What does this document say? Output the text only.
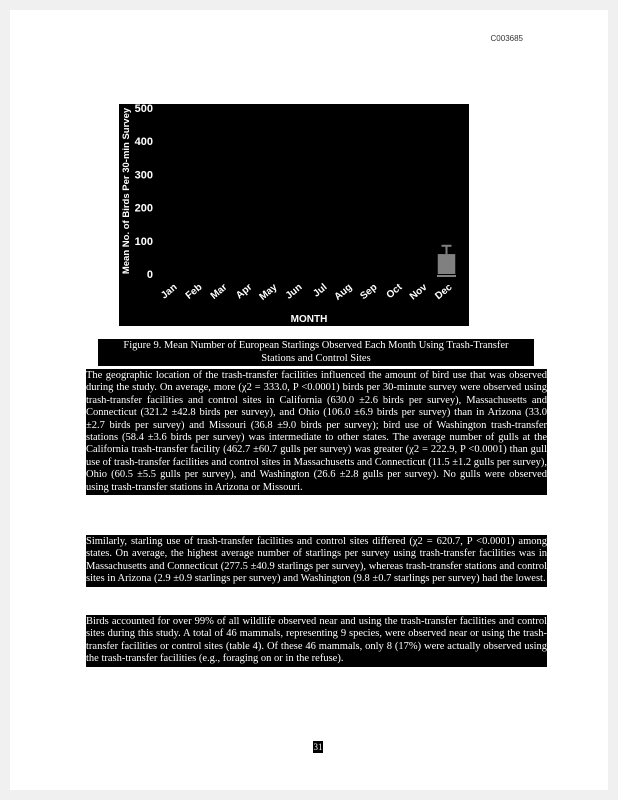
C003685
0
100
200
300
400
500
Mean No. of Birds Per 30-min Survey
Jan Feb Mar Apr May Jun Jul Aug Sep Oct Nov Dec
MONTH
Figure 9. Mean Number of European Starlings Observed Each Month Using Trash-Transfer
Stations and Control Sites
The geographic location of the trash-transfer facilities influenced the amount of bird use that was observed during the study. On average, more (χ2 = 333.0, P <0.0001) birds per 30-minute survey were observed using trash-transfer facilities and control sites in California (630.0 ±2.6 birds per survey), Massachusetts and Connecticut (321.2 ±42.8 birds per survey), and Ohio (106.0 ±6.9 birds per survey) than in Arizona (33.0 ±2.7 birds per survey) and Missouri (36.8 ±9.0 birds per survey); bird use of Washington trash-transfer stations (58.4 ±3.6 birds per survey) was intermediate to other states. The average number of gulls at the California trash-transfer facility (462.7 ±60.7 gulls per survey) was greater (χ2 = 222.9, P <0.0001) than gull use of trash-transfer facilities and control sites in Massachusetts and Connecticut (11.5 ±1.2 gulls per survey), Ohio (60.5 ±5.5 gulls per survey), and Washington (26.6 ±2.8 gulls per survey). No gulls were observed using trash-transfer stations in Arizona or Missouri.
Similarly, starling use of trash-transfer facilities and control sites differed (χ2 = 620.7, P <0.0001) among states. On average, the highest average number of starlings per survey using trash-transfer facilities was in Massachusetts and Connecticut (277.5 ±40.9 starlings per survey), whereas trash-transfer stations and control sites in Arizona (2.9 ±0.9 starlings per survey) and Washington (9.8 ±0.7 starlings per survey) had the lowest.
Birds accounted for over 99% of all wildlife observed near and using the trash-transfer facilities and control sites during this study. A total of 46 mammals, representing 9 species, were observed near or using the trash-transfer facilities or control sites (table 4). Of these 46 mammals, only 8 (17%) were actually observed using the trash-transfer facilities (e.g., foraging on or in the refuse).
31
